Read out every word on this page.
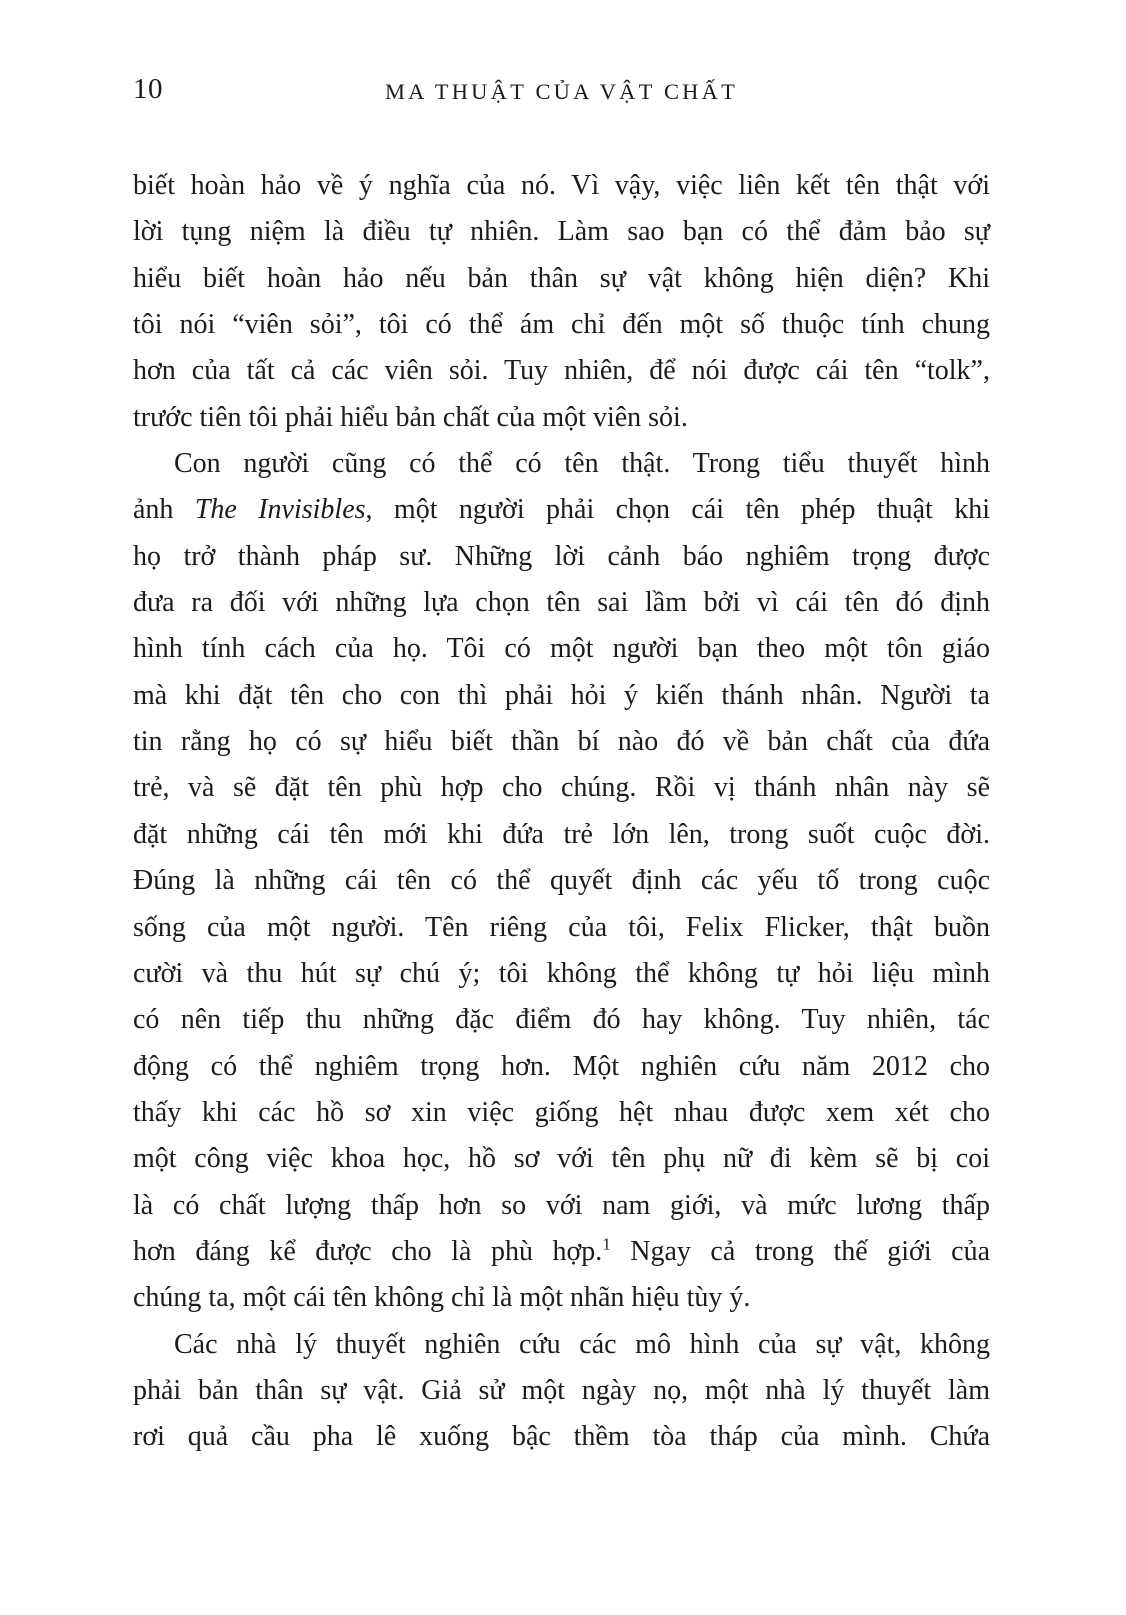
10	MA THUẬT CỦA VẬT CHẤT
biết hoàn hảo về ý nghĩa của nó. Vì vậy, việc liên kết tên thật với
lời tụng niệm là điều tự nhiên. Làm sao bạn có thể đảm bảo sự
hiểu biết hoàn hảo nếu bản thân sự vật không hiện diện? Khi
tôi nói “viên sỏi”, tôi có thể ám chỉ đến một số thuộc tính chung
hơn của tất cả các viên sỏi. Tuy nhiên, để nói được cái tên “tolk”,
trước tiên tôi phải hiểu bản chất của một viên sỏi.
Con người cũng có thể có tên thật. Trong tiểu thuyết hình
ảnh The Invisibles, một người phải chọn cái tên phép thuật khi
họ trở thành pháp sư. Những lời cảnh báo nghiêm trọng được
đưa ra đối với những lựa chọn tên sai lầm bởi vì cái tên đó định
hình tính cách của họ. Tôi có một người bạn theo một tôn giáo
mà khi đặt tên cho con thì phải hỏi ý kiến thánh nhân. Người ta
tin rằng họ có sự hiểu biết thần bí nào đó về bản chất của đứa
trẻ, và sẽ đặt tên phù hợp cho chúng. Rồi vị thánh nhân này sẽ
đặt những cái tên mới khi đứa trẻ lớn lên, trong suốt cuộc đời.
Đúng là những cái tên có thể quyết định các yếu tố trong cuộc
sống của một người. Tên riêng của tôi, Felix Flicker, thật buồn
cười và thu hút sự chú ý; tôi không thể không tự hỏi liệu mình
có nên tiếp thu những đặc điểm đó hay không. Tuy nhiên, tác
động có thể nghiêm trọng hơn. Một nghiên cứu năm 2012 cho
thấy khi các hồ sơ xin việc giống hệt nhau được xem xét cho
một công việc khoa học, hồ sơ với tên phụ nữ đi kèm sẽ bị coi
là có chất lượng thấp hơn so với nam giới, và mức lương thấp
hơn đáng kể được cho là phù hợp.$^1$ Ngay cả trong thế giới của
chúng ta, một cái tên không chỉ là một nhãn hiệu tùy ý.
Các nhà lý thuyết nghiên cứu các mô hình của sự vật, không
phải bản thân sự vật. Giả sử một ngày nọ, một nhà lý thuyết làm
rơi quả cầu pha lê xuống bậc thềm tòa tháp của mình. Chứa
